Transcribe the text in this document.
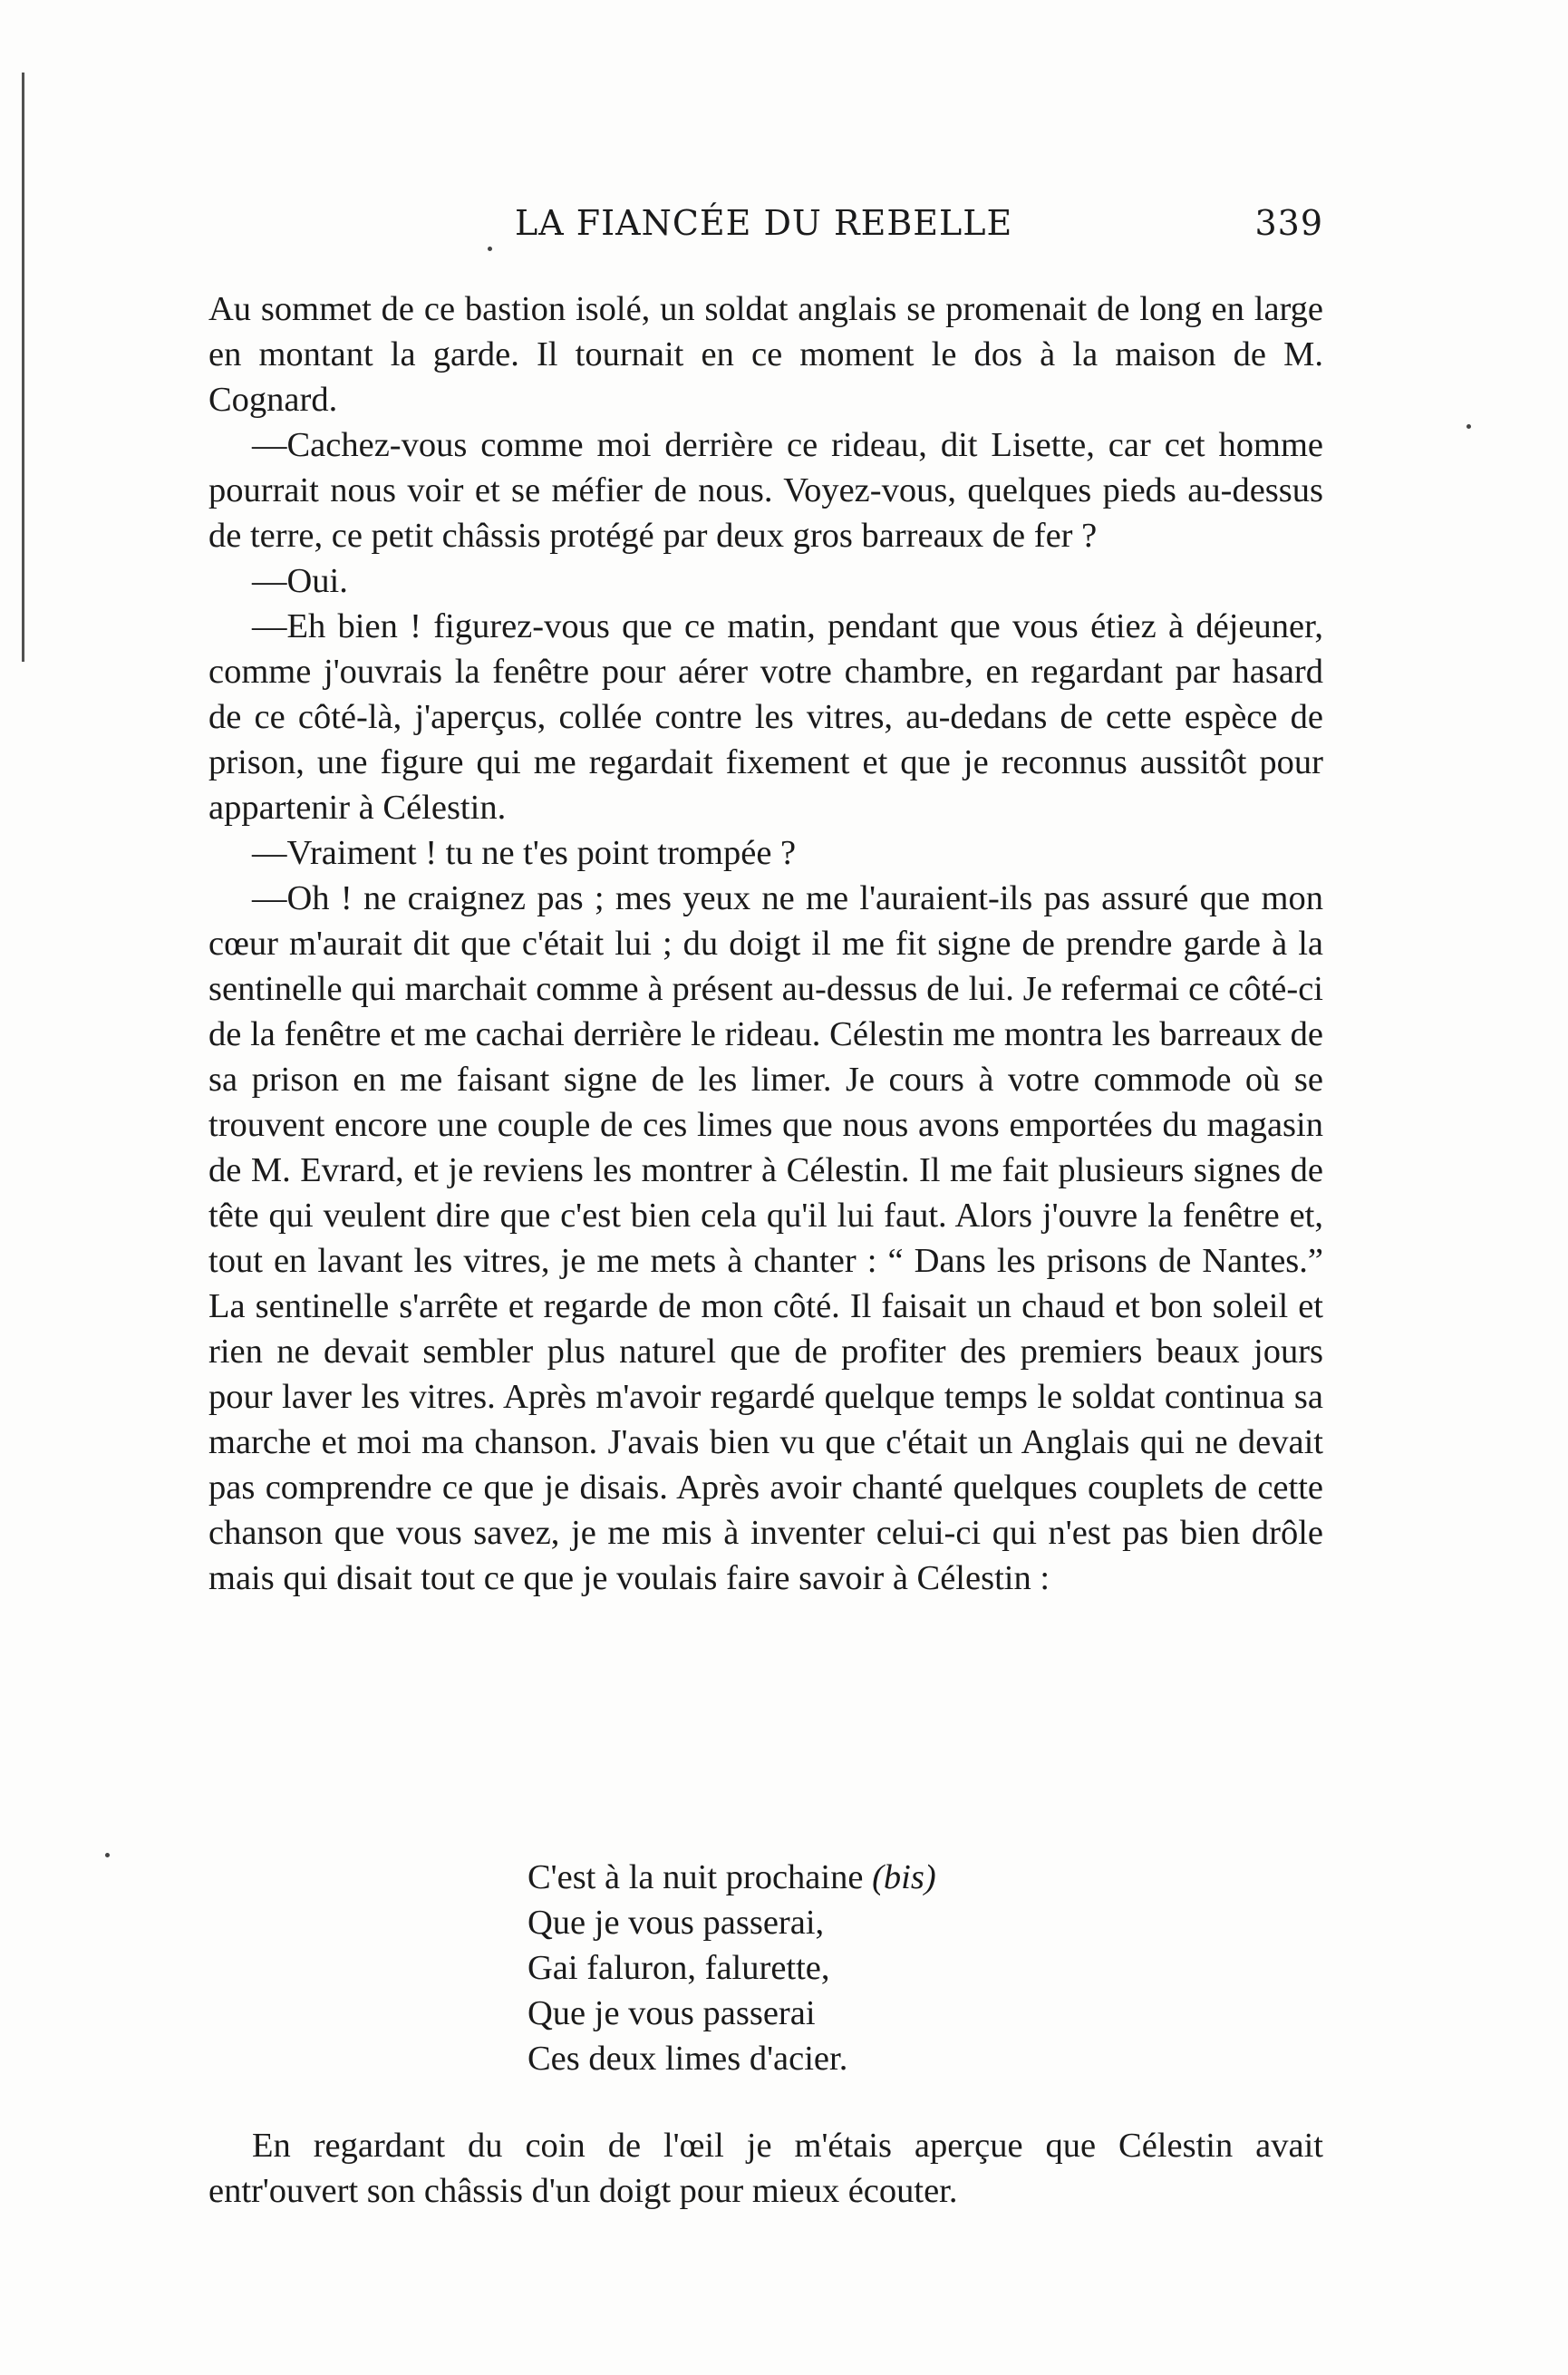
LA FIANCÉE DU REBELLE	339

Au sommet de ce bastion isolé, un soldat anglais se promenait de long en large en montant la garde. Il tournait en ce moment le dos à la maison de M. Cognard.

—Cachez-vous comme moi derrière ce rideau, dit Lisette, car cet homme pourrait nous voir et se méfier de nous. Voyez-vous, quelques pieds au-dessus de terre, ce petit châssis protégé par deux gros barreaux de fer ?

—Oui.

—Eh bien ! figurez-vous que ce matin, pendant que vous étiez à déjeuner, comme j'ouvrais la fenêtre pour aérer votre chambre, en regardant par hasard de ce côté-là, j'aperçus, collée contre les vitres, au-dedans de cette espèce de prison, une figure qui me regardait fixement et que je reconnus aussitôt pour appartenir à Célestin.

—Vraiment ! tu ne t'es point trompée ?

—Oh ! ne craignez pas ; mes yeux ne me l'auraient-ils pas assuré que mon cœur m'aurait dit que c'était lui ; du doigt il me fit signe de prendre garde à la sentinelle qui marchait comme à présent au-dessus de lui. Je refermai ce côté-ci de la fenêtre et me cachai derrière le rideau. Célestin me montra les barreaux de sa prison en me faisant signe de les limer. Je cours à votre commode où se trouvent encore une couple de ces limes que nous avons emportées du magasin de M. Evrard, et je reviens les montrer à Célestin. Il me fait plusieurs signes de tête qui veulent dire que c'est bien cela qu'il lui faut. Alors j'ouvre la fenêtre et, tout en lavant les vitres, je me mets à chanter : “ Dans les prisons de Nantes.” La sentinelle s'arrête et regarde de mon côté. Il faisait un chaud et bon soleil et rien ne devait sembler plus naturel que de profiter des premiers beaux jours pour laver les vitres. Après m'avoir regardé quelque temps le soldat continua sa marche et moi ma chanson. J'avais bien vu que c'était un Anglais qui ne devait pas comprendre ce que je disais. Après avoir chanté quelques couplets de cette chanson que vous savez, je me mis à inventer celui-ci qui n'est pas bien drôle mais qui disait tout ce que je voulais faire savoir à Célestin :

C'est à la nuit prochaine (bis)
Que je vous passerai,
Gai faluron, falurette,
Que je vous passerai
Ces deux limes d'acier.

En regardant du coin de l'œil je m'étais aperçue que Célestin avait entr'ouvert son châssis d'un doigt pour mieux écouter.
